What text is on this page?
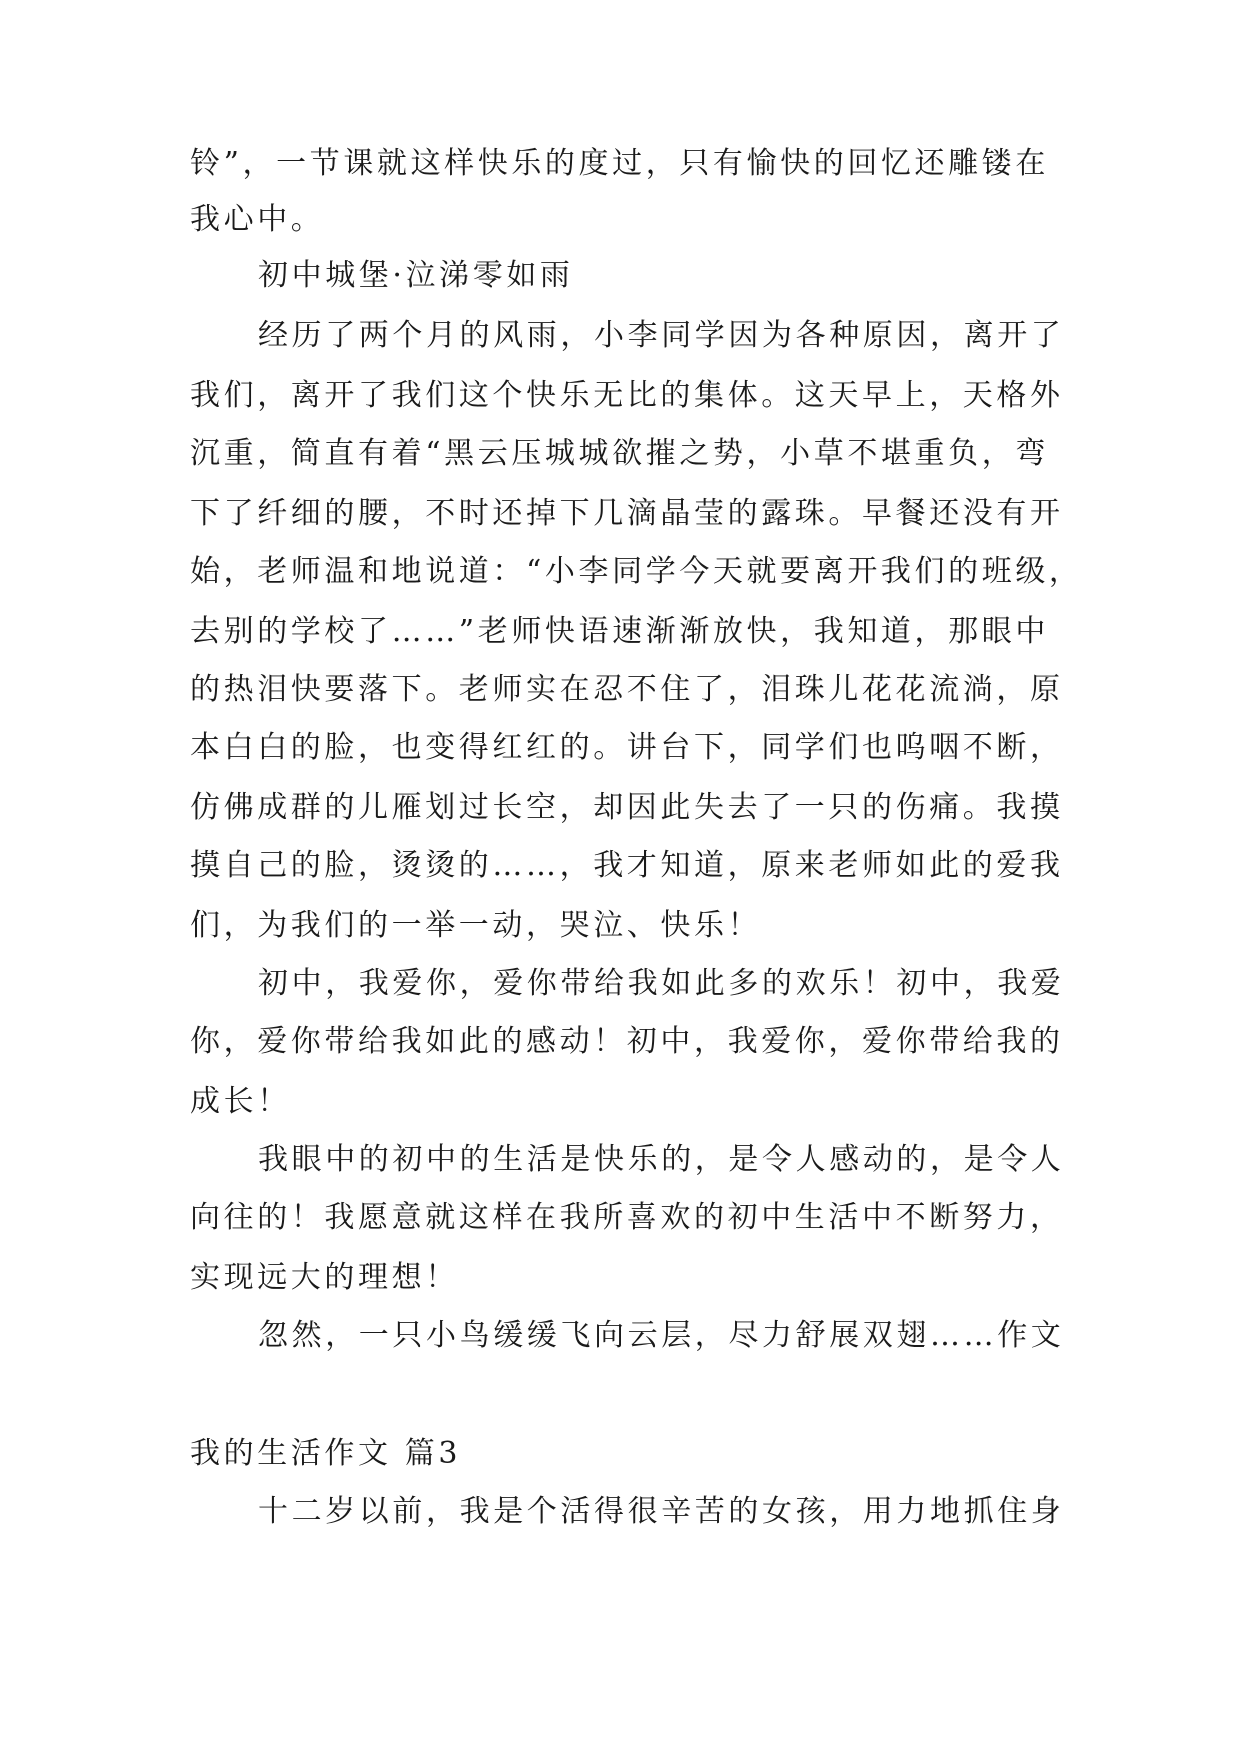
铃”，一节课就这样快乐的度过，只有愉快的回忆还雕镂在
我心中。
初中城堡·泣涕零如雨
经历了两个月的风雨，小李同学因为各种原因，离开了
我们，离开了我们这个快乐无比的集体。这天早上，天格外
沉重，简直有着“黑云压城城欲摧之势，小草不堪重负，弯
下了纤细的腰，不时还掉下几滴晶莹的露珠。早餐还没有开
始，老师温和地说道：“小李同学今天就要离开我们的班级，
去别的学校了……”老师快语速渐渐放快，我知道，那眼中
的热泪快要落下。老师实在忍不住了，泪珠儿花花流淌，原
本白白的脸，也变得红红的。讲台下，同学们也呜咽不断，
仿佛成群的儿雁划过长空，却因此失去了一只的伤痛。我摸
摸自己的脸，烫烫的……，我才知道，原来老师如此的爱我
们，为我们的一举一动，哭泣、快乐！
初中，我爱你，爱你带给我如此多的欢乐！初中，我爱
你，爱你带给我如此的感动！初中，我爱你，爱你带给我的
成长！
我眼中的初中的生活是快乐的，是令人感动的，是令人
向往的！我愿意就这样在我所喜欢的初中生活中不断努力，
实现远大的理想！
忽然，一只小鸟缓缓飞向云层，尽力舒展双翅……作文
我的生活作文 篇3
十二岁以前，我是个活得很辛苦的女孩，用力地抓住身
